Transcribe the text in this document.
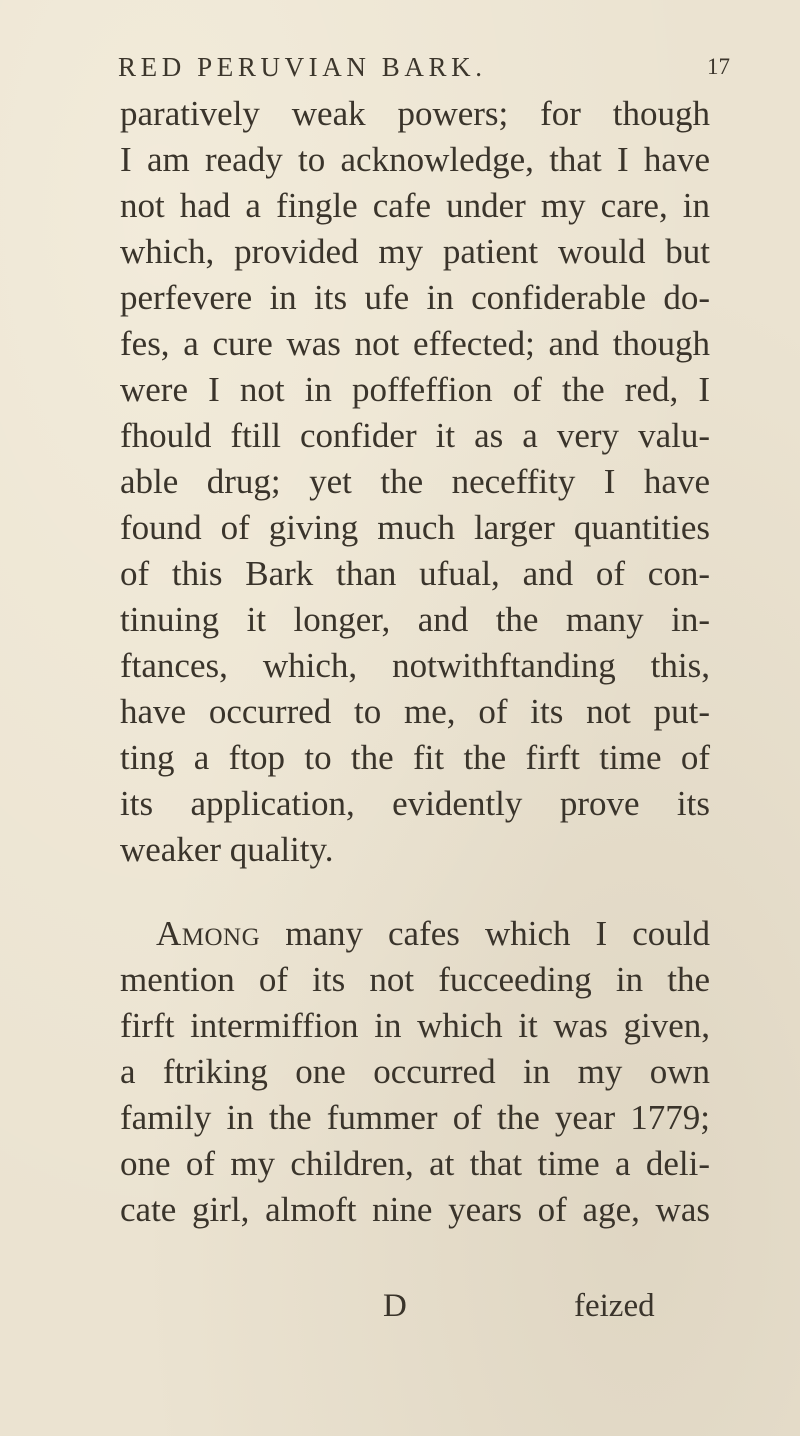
RED PERUVIAN BARK.	17
paratively weak powers; for though
I am ready to acknowledge, that I have
not had a fingle cafe under my care, in
which, provided my patient would but
perfevere in its ufe in confiderable do-
fes, a cure was not effected; and though
were I not in poffeffion of the red, I
fhould ftill confider it as a very valu-
able drug; yet the neceffity I have
found of giving much larger quantities
of this Bark than ufual, and of con-
tinuing it longer, and the many in-
ftances, which, notwithftanding this,
have occurred to me, of its not put-
ting a ftop to the fit the firft time of
its application, evidently prove its
weaker quality.
Among many cafes which I could
mention of its not fucceeding in the
firft intermiffion in which it was given,
a ftriking one occurred in my own
family in the fummer of the year 1779;
one of my children, at that time a deli-
cate girl, almoft nine years of age, was
D	feized
